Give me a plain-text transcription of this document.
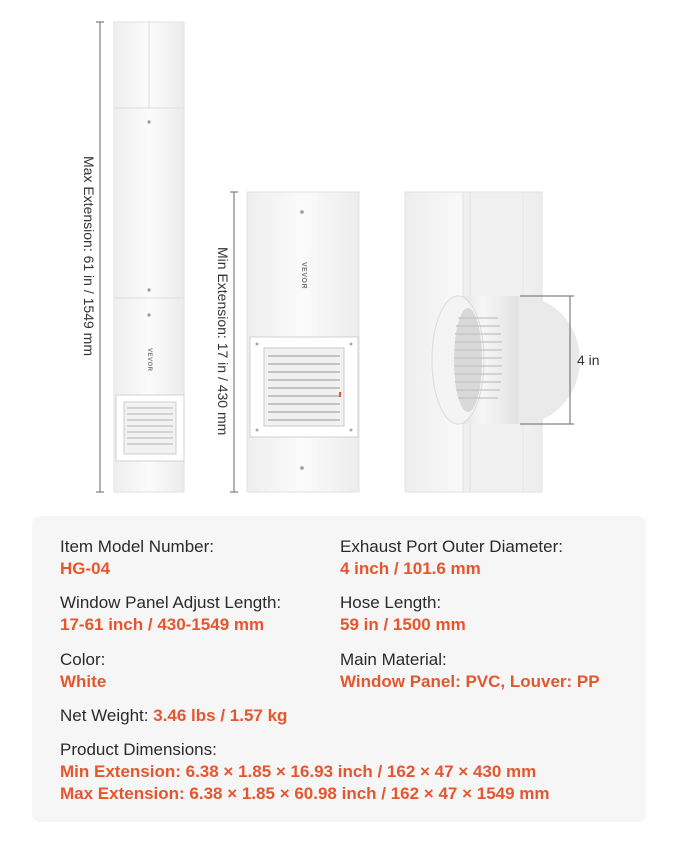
VEVOR
VEVOR
Max Extension: 61 in / 1549 mm	Min Extension: 17 in / 430 mm	4 in
Item Model Number:
HG-04
Exhaust Port Outer Diameter:
4 inch / 101.6 mm
Window Panel Adjust Length:
17-61 inch / 430-1549 mm
Hose Length:
59 in / 1500 mm
Color:
White
Main Material:
Window Panel: PVC, Louver: PP
Net Weight: 3.46 lbs / 1.57 kg
Product Dimensions:
Min Extension: 6.38 × 1.85 × 16.93 inch / 162 × 47 × 430 mm
Max Extension: 6.38 × 1.85 × 60.98 inch / 162 × 47 × 1549 mm
